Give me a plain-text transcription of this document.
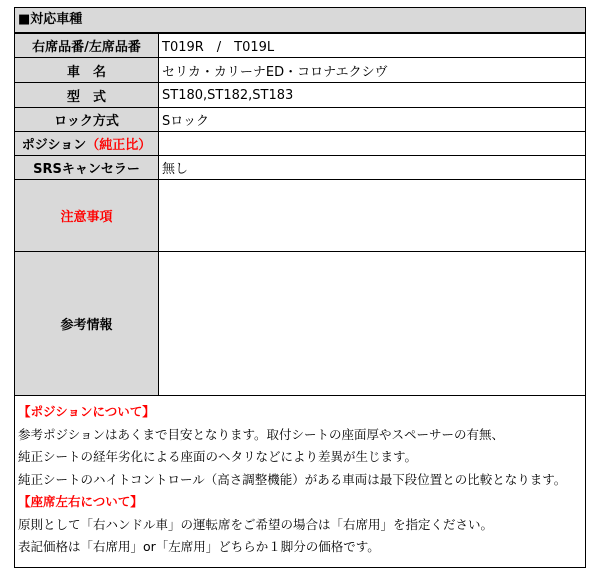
■対応車種
右席品番/左席品番	T019R　/　T019L
車　名	セリカ・カリーナED・コロナエクシヴ
型　式	ST180,ST182,ST183
ロック方式	Sロック
ポジション（純正比）	
SRSキャンセラー	無し
注意事項	
参考情報	
【ポジションについて】
参考ポジションはあくまで目安となります。取付シートの座面厚やスペーサーの有無、
純正シートの経年劣化による座面のヘタリなどにより差異が生じます。
純正シートのハイトコントロール（高さ調整機能）がある車両は最下段位置との比較となります。
【座席左右について】
原則として「右ハンドル車」の運転席をご希望の場合は「右席用」を指定ください。
表記価格は「右席用」or「左席用」どちらか１脚分の価格です。
